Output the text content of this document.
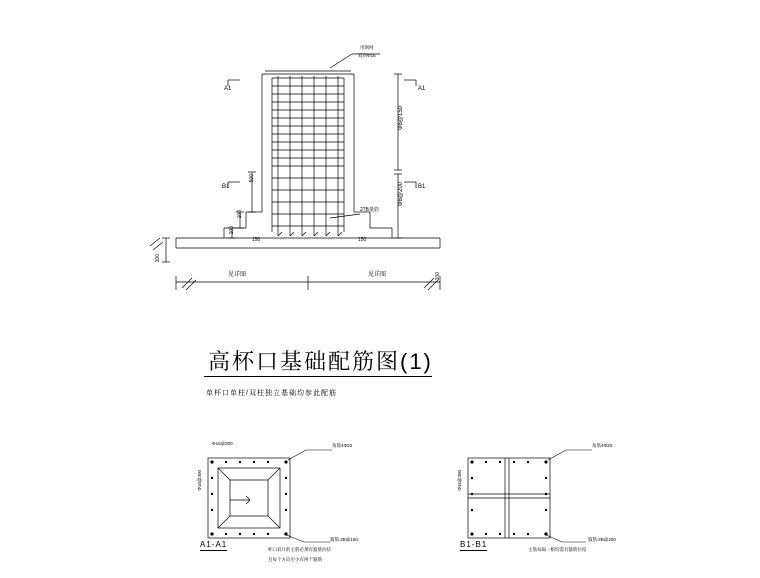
用钢网
双向Φ16
A1	A1
B1	B1
Φ8@150
Φ8@200
500
100
100
150	150
27B量筋
100
100
见详图	见详图
高杯口基础配筋图(1)
单杯口单柱/双柱独立基础均参此配筋
Φ16@300
Φ16@300
角筋4Φ20
箍筋:2B@150,
杯口双片的主筋必须有箍筋拉结
且每个方向至少有两个箍筋
A1-A1
Φ16@300
角筋4Φ20
箍筋:2B@200
主筋每隔一根均需有箍筋拉结
B1-B1
